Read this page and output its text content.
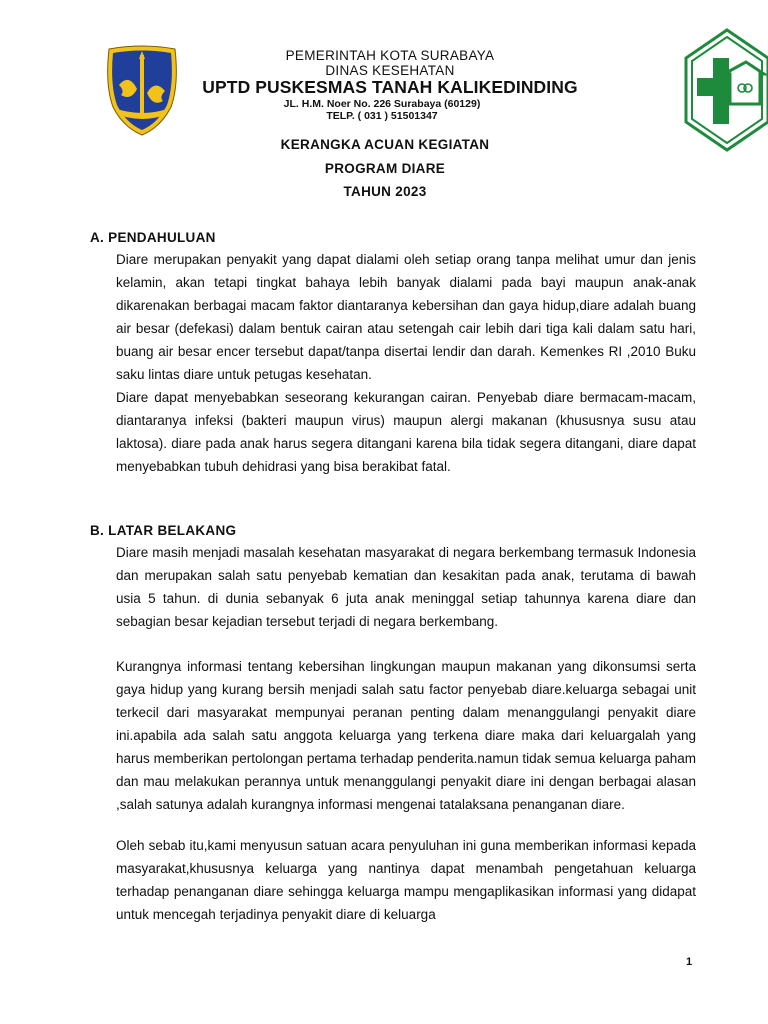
PEMERINTAH KOTA SURABAYA
DINAS KESEHATAN
UPTD PUSKESMAS TANAH KALIKEDINDING
JL. H.M. Noer No. 226 Surabaya (60129)
TELP. ( 031 ) 51501347
KERANGKA ACUAN KEGIATAN
PROGRAM DIARE
TAHUN 2023
A. PENDAHULUAN

Diare merupakan penyakit yang dapat dialami oleh setiap orang tanpa melihat umur dan jenis kelamin, akan tetapi tingkat bahaya lebih banyak dialami pada bayi maupun anak-anak dikarenakan berbagai macam faktor diantaranya kebersihan dan gaya hidup,diare adalah buang air besar (defekasi) dalam bentuk cairan atau setengah cair lebih dari tiga kali dalam satu hari, buang air besar encer tersebut dapat/tanpa disertai lendir dan darah. Kemenkes RI ,2010 Buku saku lintas diare untuk petugas kesehatan.

Diare dapat menyebabkan seseorang kekurangan cairan. Penyebab diare bermacam-macam, diantaranya infeksi (bakteri maupun virus) maupun alergi makanan (khususnya susu atau laktosa). diare pada anak harus segera ditangani karena bila tidak segera ditangani, diare dapat menyebabkan tubuh dehidrasi yang bisa berakibat fatal.

B. LATAR BELAKANG

Diare masih menjadi masalah kesehatan masyarakat di negara berkembang termasuk Indonesia dan merupakan salah satu penyebab kematian dan kesakitan pada anak, terutama di bawah usia 5 tahun. di dunia sebanyak 6 juta anak meninggal setiap tahunnya karena diare dan sebagian besar kejadian tersebut terjadi di negara berkembang.

Kurangnya informasi tentang kebersihan lingkungan maupun makanan yang dikonsumsi serta gaya hidup yang kurang bersih menjadi salah satu factor penyebab diare.keluarga sebagai unit terkecil dari masyarakat mempunyai peranan penting dalam menanggulangi penyakit diare ini.apabila ada salah satu anggota keluarga yang terkena diare maka dari keluargalah yang harus memberikan pertolongan pertama terhadap penderita.namun tidak semua keluarga paham dan mau melakukan perannya untuk menanggulangi penyakit diare ini dengan berbagai alasan ,salah satunya adalah kurangnya informasi mengenai tatalaksana penanganan diare.

Oleh sebab itu,kami menyusun satuan acara penyuluhan ini guna memberikan informasi kepada masyarakat,khususnya keluarga yang nantinya dapat menambah pengetahuan keluarga terhadap penanganan diare sehingga keluarga mampu mengaplikasikan informasi yang didapat untuk mencegah terjadinya penyakit diare di keluarga

1
